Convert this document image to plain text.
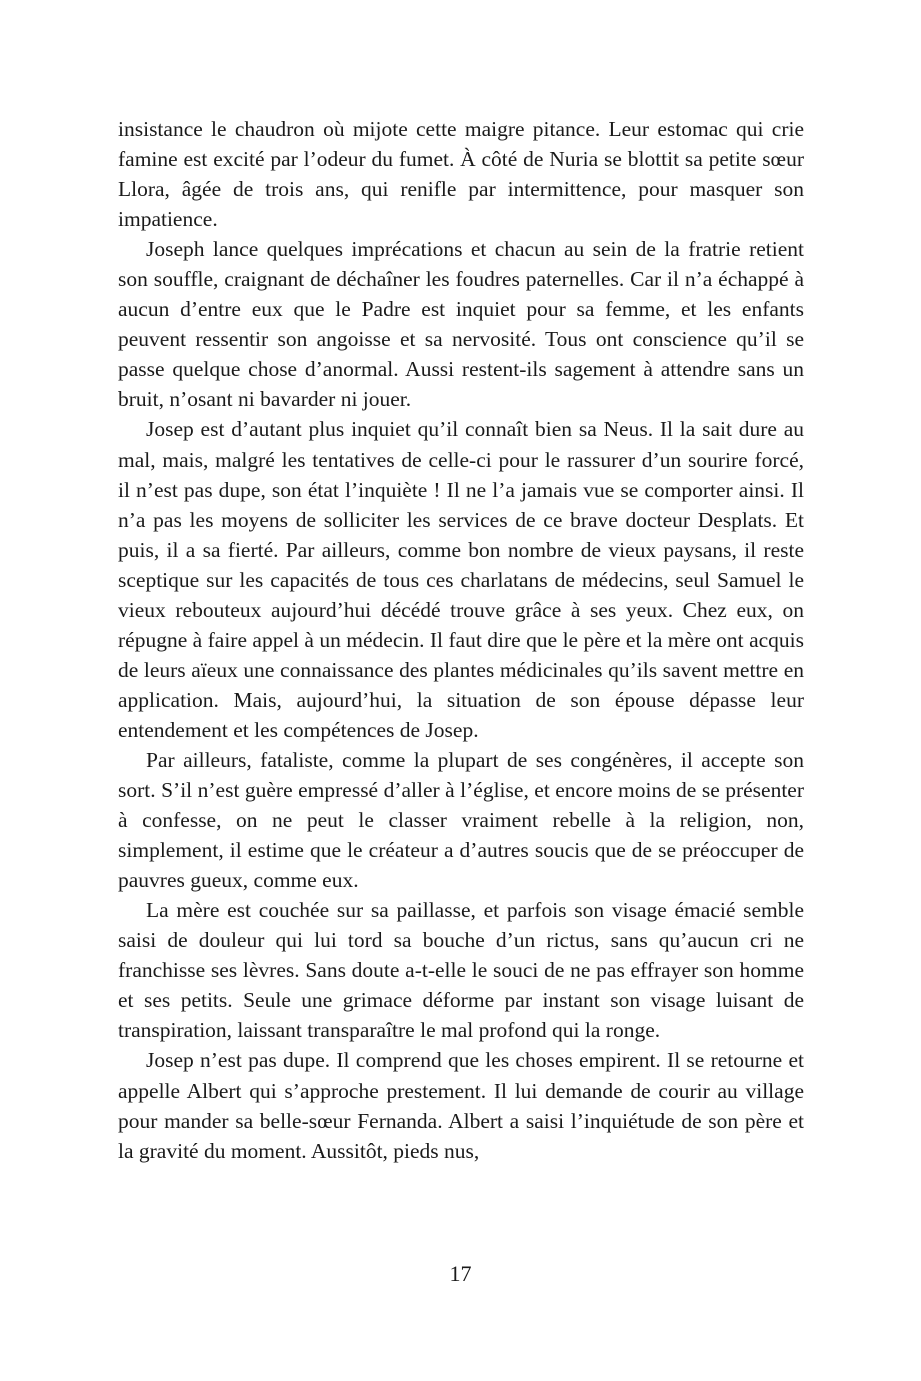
insistance le chaudron où mijote cette maigre pitance. Leur estomac qui crie famine est excité par l’odeur du fumet. À côté de Nuria se blottit sa petite sœur Llora, âgée de trois ans, qui renifle par intermittence, pour masquer son impatience.

Joseph lance quelques imprécations et chacun au sein de la fratrie retient son souffle, craignant de déchaîner les foudres paternelles. Car il n’a échappé à aucun d’entre eux que le Padre est inquiet pour sa femme, et les enfants peuvent ressentir son angoisse et sa nervosité. Tous ont conscience qu’il se passe quelque chose d’anormal. Aussi restent-ils sagement à attendre sans un bruit, n’osant ni bavarder ni jouer.

Josep est d’autant plus inquiet qu’il connaît bien sa Neus. Il la sait dure au mal, mais, malgré les tentatives de celle-ci pour le rassurer d’un sourire forcé, il n’est pas dupe, son état l’inquiète ! Il ne l’a jamais vue se comporter ainsi. Il n’a pas les moyens de solliciter les services de ce brave docteur Desplats. Et puis, il a sa fierté. Par ailleurs, comme bon nombre de vieux paysans, il reste sceptique sur les capacités de tous ces charlatans de médecins, seul Samuel le vieux rebouteux aujourd’hui décédé trouve grâce à ses yeux. Chez eux, on répugne à faire appel à un médecin. Il faut dire que le père et la mère ont acquis de leurs aïeux une connaissance des plantes médicinales qu’ils savent mettre en application. Mais, aujourd’hui, la situation de son épouse dépasse leur entendement et les compétences de Josep.

Par ailleurs, fataliste, comme la plupart de ses congénères, il accepte son sort. S’il n’est guère empressé d’aller à l’église, et encore moins de se présenter à confesse, on ne peut le classer vraiment rebelle à la religion, non, simplement, il estime que le créateur a d’autres soucis que de se préoccuper de pauvres gueux, comme eux.

La mère est couchée sur sa paillasse, et parfois son visage émacié semble saisi de douleur qui lui tord sa bouche d’un rictus, sans qu’aucun cri ne franchisse ses lèvres. Sans doute a-t-elle le souci de ne pas effrayer son homme et ses petits. Seule une grimace déforme par instant son visage luisant de transpiration, laissant transparaître le mal profond qui la ronge.

Josep n’est pas dupe. Il comprend que les choses empirent. Il se retourne et appelle Albert qui s’approche prestement. Il lui demande de courir au village pour mander sa belle-sœur Fernanda. Albert a saisi l’inquiétude de son père et la gravité du moment. Aussitôt, pieds nus,

17
